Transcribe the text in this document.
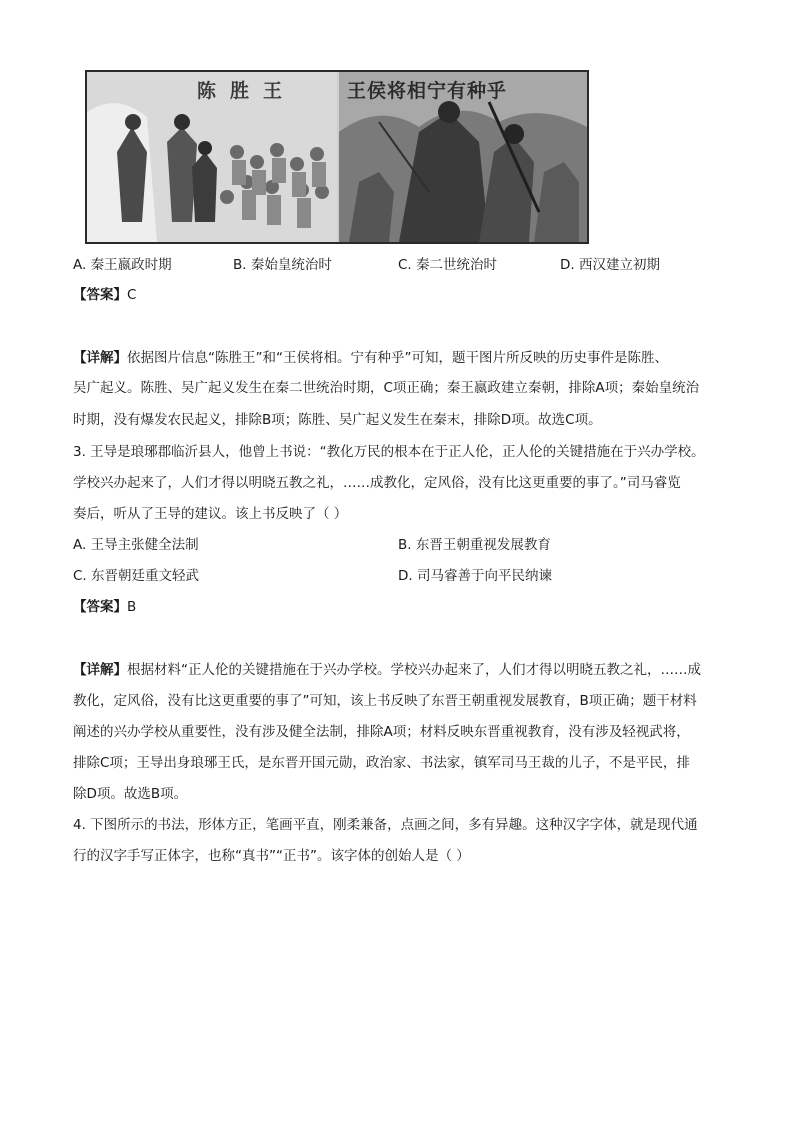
陈胜王	王侯将相宁有种乎
A. 秦王嬴政时期	B. 秦始皇统治时	C. 秦二世统治时	D. 西汉建立初期
【答案】C
【详解】依据图片信息“陈胜王”和“王侯将相。宁有种乎”可知，题干图片所反映的历史事件是陈胜、
吴广起义。陈胜、吴广起义发生在秦二世统治时期，C项正确；秦王嬴政建立秦朝，排除A项；秦始皇统治
时期，没有爆发农民起义，排除B项；陈胜、吴广起义发生在秦末，排除D项。故选C项。
3. 王导是琅琊郡临沂县人，他曾上书说：“教化万民的根本在于正人伦，正人伦的关键措施在于兴办学校。
学校兴办起来了，人们才得以明晓五教之礼，……成教化，定风俗，没有比这更重要的事了。”司马睿览
奏后，听从了王导的建议。该上书反映了（ ）
A. 王导主张健全法制	B. 东晋王朝重视发展教育
C. 东晋朝廷重文轻武	D. 司马睿善于向平民纳谏
【答案】B
【详解】根据材料“正人伦的关键措施在于兴办学校。学校兴办起来了，人们才得以明晓五教之礼，……成
教化，定风俗，没有比这更重要的事了”可知，该上书反映了东晋王朝重视发展教育，B项正确；题干材料
阐述的兴办学校从重要性，没有涉及健全法制，排除A项；材料反映东晋重视教育，没有涉及轻视武将，
排除C项；王导出身琅琊王氏，是东晋开国元勋，政治家、书法家，镇军司马王裁的儿子，不是平民，排
除D项。故选B项。
4. 下图所示的书法，形体方正，笔画平直，刚柔兼备，点画之间，多有异趣。这种汉字字体，就是现代通
行的汉字手写正体字，也称“真书”“正书”。该字体的创始人是（ ）
